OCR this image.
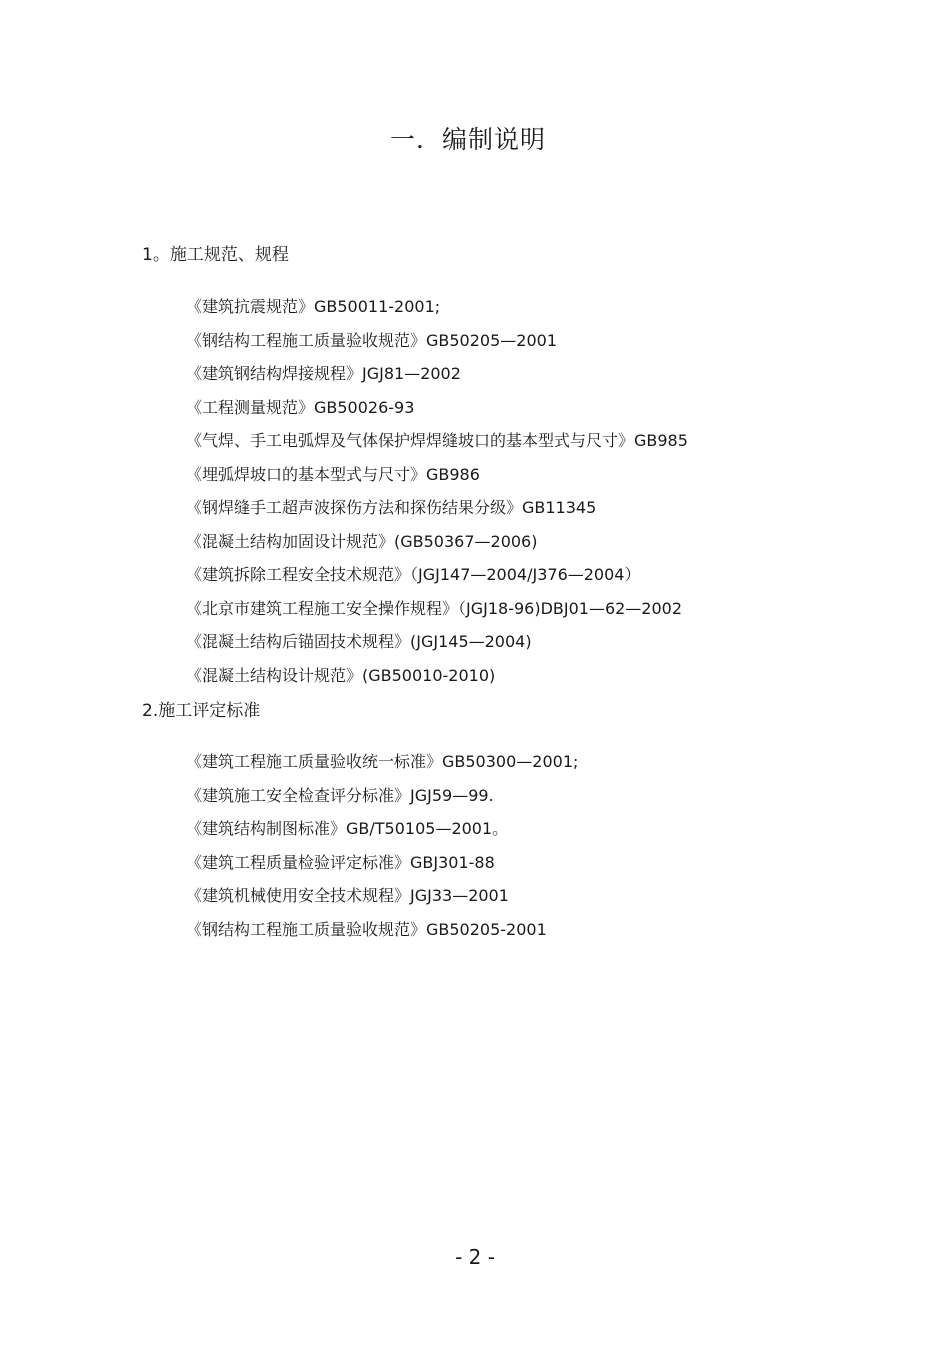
一．编制说明
1。施工规范、规程
《建筑抗震规范》GB50011-2001;
《钢结构工程施工质量验收规范》GB50205—2001
《建筑钢结构焊接规程》JGJ81—2002
《工程测量规范》GB50026-93
《气焊、手工电弧焊及气体保护焊焊缝坡口的基本型式与尺寸》GB985
《埋弧焊坡口的基本型式与尺寸》GB986
《钢焊缝手工超声波探伤方法和探伤结果分级》GB11345
《混凝土结构加固设计规范》(GB50367—2006)
《建筑拆除工程安全技术规范》（JGJ147—2004/J376—2004）
《北京市建筑工程施工安全操作规程》（JGJ18-96)DBJ01—62—2002
《混凝土结构后锚固技术规程》(JGJ145—2004)
《混凝土结构设计规范》(GB50010-2010)
2.施工评定标准
《建筑工程施工质量验收统一标准》GB50300—2001;
《建筑施工安全检查评分标准》JGJ59—99.
《建筑结构制图标准》GB/T50105—2001。
《建筑工程质量检验评定标准》GBJ301-88
《建筑机械使用安全技术规程》JGJ33—2001
《钢结构工程施工质量验收规范》GB50205-2001
- 2 -
